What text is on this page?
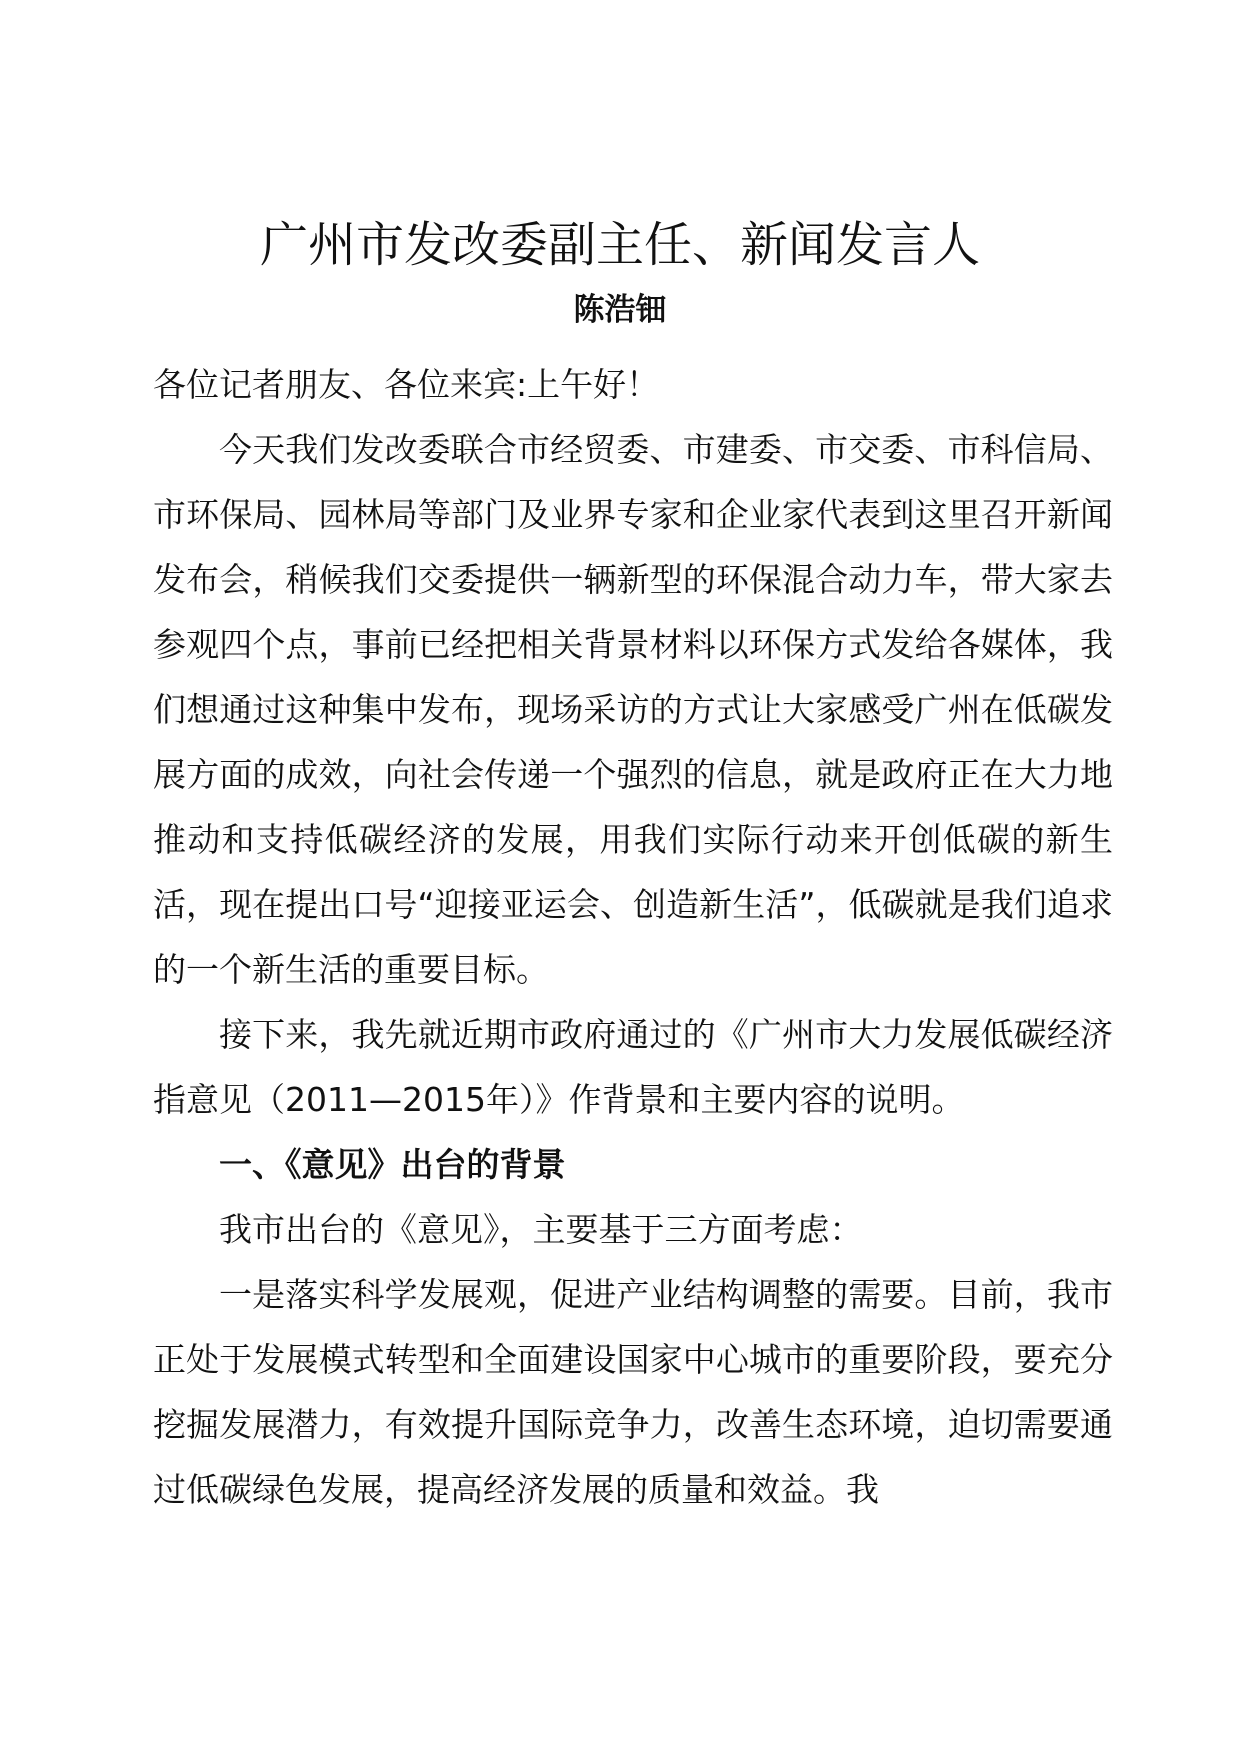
广州市发改委副主任、新闻发言人
陈浩钿

各位记者朋友、各位来宾:上午好！

今天我们发改委联合市经贸委、市建委、市交委、市科信局、市环保局、园林局等部门及业界专家和企业家代表到这里召开新闻发布会，稍候我们交委提供一辆新型的环保混合动力车，带大家去参观四个点，事前已经把相关背景材料以环保方式发给各媒体，我们想通过这种集中发布，现场采访的方式让大家感受广州在低碳发展方面的成效，向社会传递一个强烈的信息，就是政府正在大力地推动和支持低碳经济的发展，用我们实际行动来开创低碳的新生活，现在提出口号“迎接亚运会、创造新生活”，低碳就是我们追求的一个新生活的重要目标。

接下来，我先就近期市政府通过的《广州市大力发展低碳经济指意见（2011—2015年）》作背景和主要内容的说明。

一、《意见》出台的背景

我市出台的《意见》，主要基于三方面考虑：

一是落实科学发展观，促进产业结构调整的需要。目前，我市正处于发展模式转型和全面建设国家中心城市的重要阶段，要充分挖掘发展潜力，有效提升国际竞争力，改善生态环境，迫切需要通过低碳绿色发展，提高经济发展的质量和效益。我
